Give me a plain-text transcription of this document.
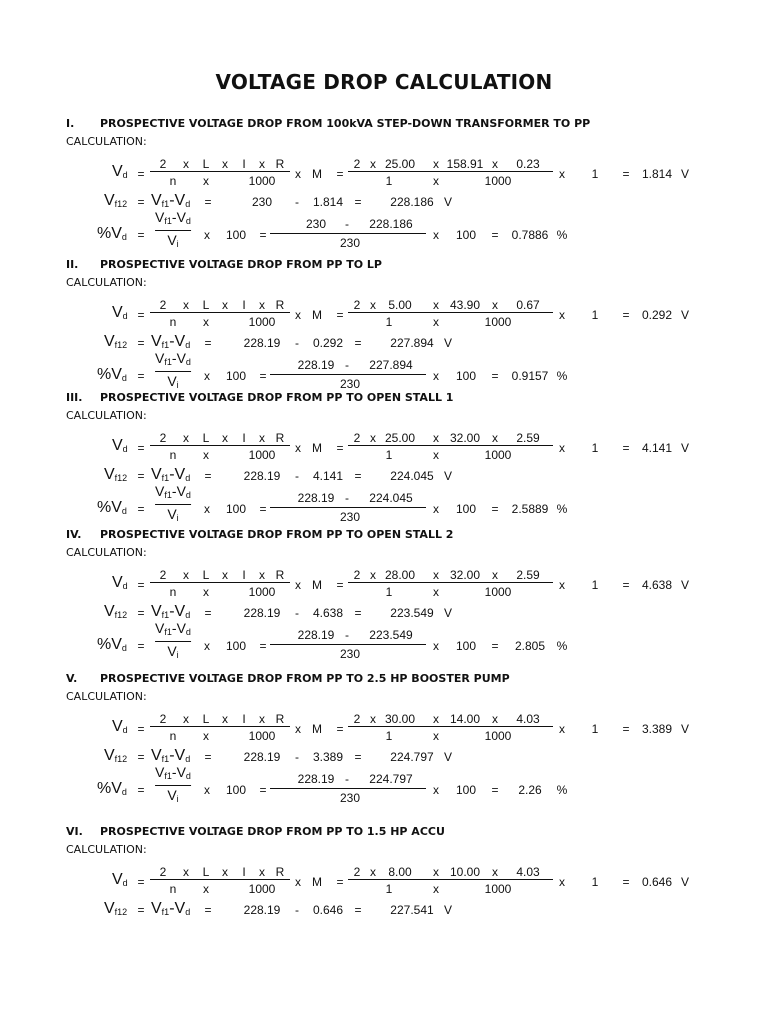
VOLTAGE DROP CALCULATION
I. PROSPECTIVE VOLTAGE DROP FROM 100kVA STEP-DOWN TRANSFORMER TO PP
CALCULATION:
$V_d$ =
2 x L x I x R
n x	1000 x M =
2 x 25.00 x 158.91 x 0.23
1	x	1000	x 1 = 1.814 V
$V_{f12} = V_{f1}-V_d$ =	230 - 1.814 = 228.186 V
$\%V_d$ =
$V_{f1}-V_d$
$V_i$
x 100 =
230 - 228.186
230
x 100 = 0.7886 %
II. PROSPECTIVE VOLTAGE DROP FROM PP TO LP
CALCULATION:
$V_d$ =
2 x L x I x R
n x	1000 x M =
2 x 5.00 x 43.90 x 0.67
1	x	1000	x 1 = 0.292 V
$V_{f12} = V_{f1}-V_d$ =	228.19 - 0.292 = 227.894 V
$\%V_d$ =
$V_{f1}-V_d$
$V_i$
x 100 =
228.19 - 227.894
230
x 100 = 0.9157 %
III. PROSPECTIVE VOLTAGE DROP FROM PP TO OPEN STALL 1
CALCULATION:
$V_d$ =
2 x L x I x R
n x	1000 x M =
2 x 25.00 x 32.00 x 2.59
1	x	1000	x 1 = 4.141 V
$V_{f12} = V_{f1}-V_d$ =	228.19 - 4.141 = 224.045 V
$\%V_d$ =
$V_{f1}-V_d$
$V_i$
x 100 =
228.19 - 224.045
230
x 100 = 2.5889 %
IV. PROSPECTIVE VOLTAGE DROP FROM PP TO OPEN STALL 2
CALCULATION:
$V_d$ =
2 x L x I x R
n x	1000 x M =
2 x 28.00 x 32.00 x 2.59
1	x	1000	x 1 = 4.638 V
$V_{f12} = V_{f1}-V_d$ =	228.19 - 4.638 = 223.549 V
$\%V_d$ =
$V_{f1}-V_d$
$V_i$
x 100 =
228.19 - 223.549
230
x 100 = 2.805 %
V. PROSPECTIVE VOLTAGE DROP FROM PP TO 2.5 HP BOOSTER PUMP
CALCULATION:
$V_d$ =
2 x L x I x R
n x	1000 x M =
2 x 30.00 x 14.00 x 4.03
1	x	1000	x 1 = 3.389 V
$V_{f12} = V_{f1}-V_d$ =	228.19 - 3.389 = 224.797 V
$\%V_d$ =
$V_{f1}-V_d$
$V_i$
x 100 =
228.19 - 224.797
230
x 100 = 2.26 %
VI. PROSPECTIVE VOLTAGE DROP FROM PP TO 1.5 HP ACCU
CALCULATION:
$V_d$ =
2 x L x I x R
n x	1000 x M =
2 x 8.00 x 10.00 x 4.03
1	x	1000	x 1 = 0.646 V
$V_{f12} = V_{f1}-V_d$ =	228.19 - 0.646 = 227.541 V
